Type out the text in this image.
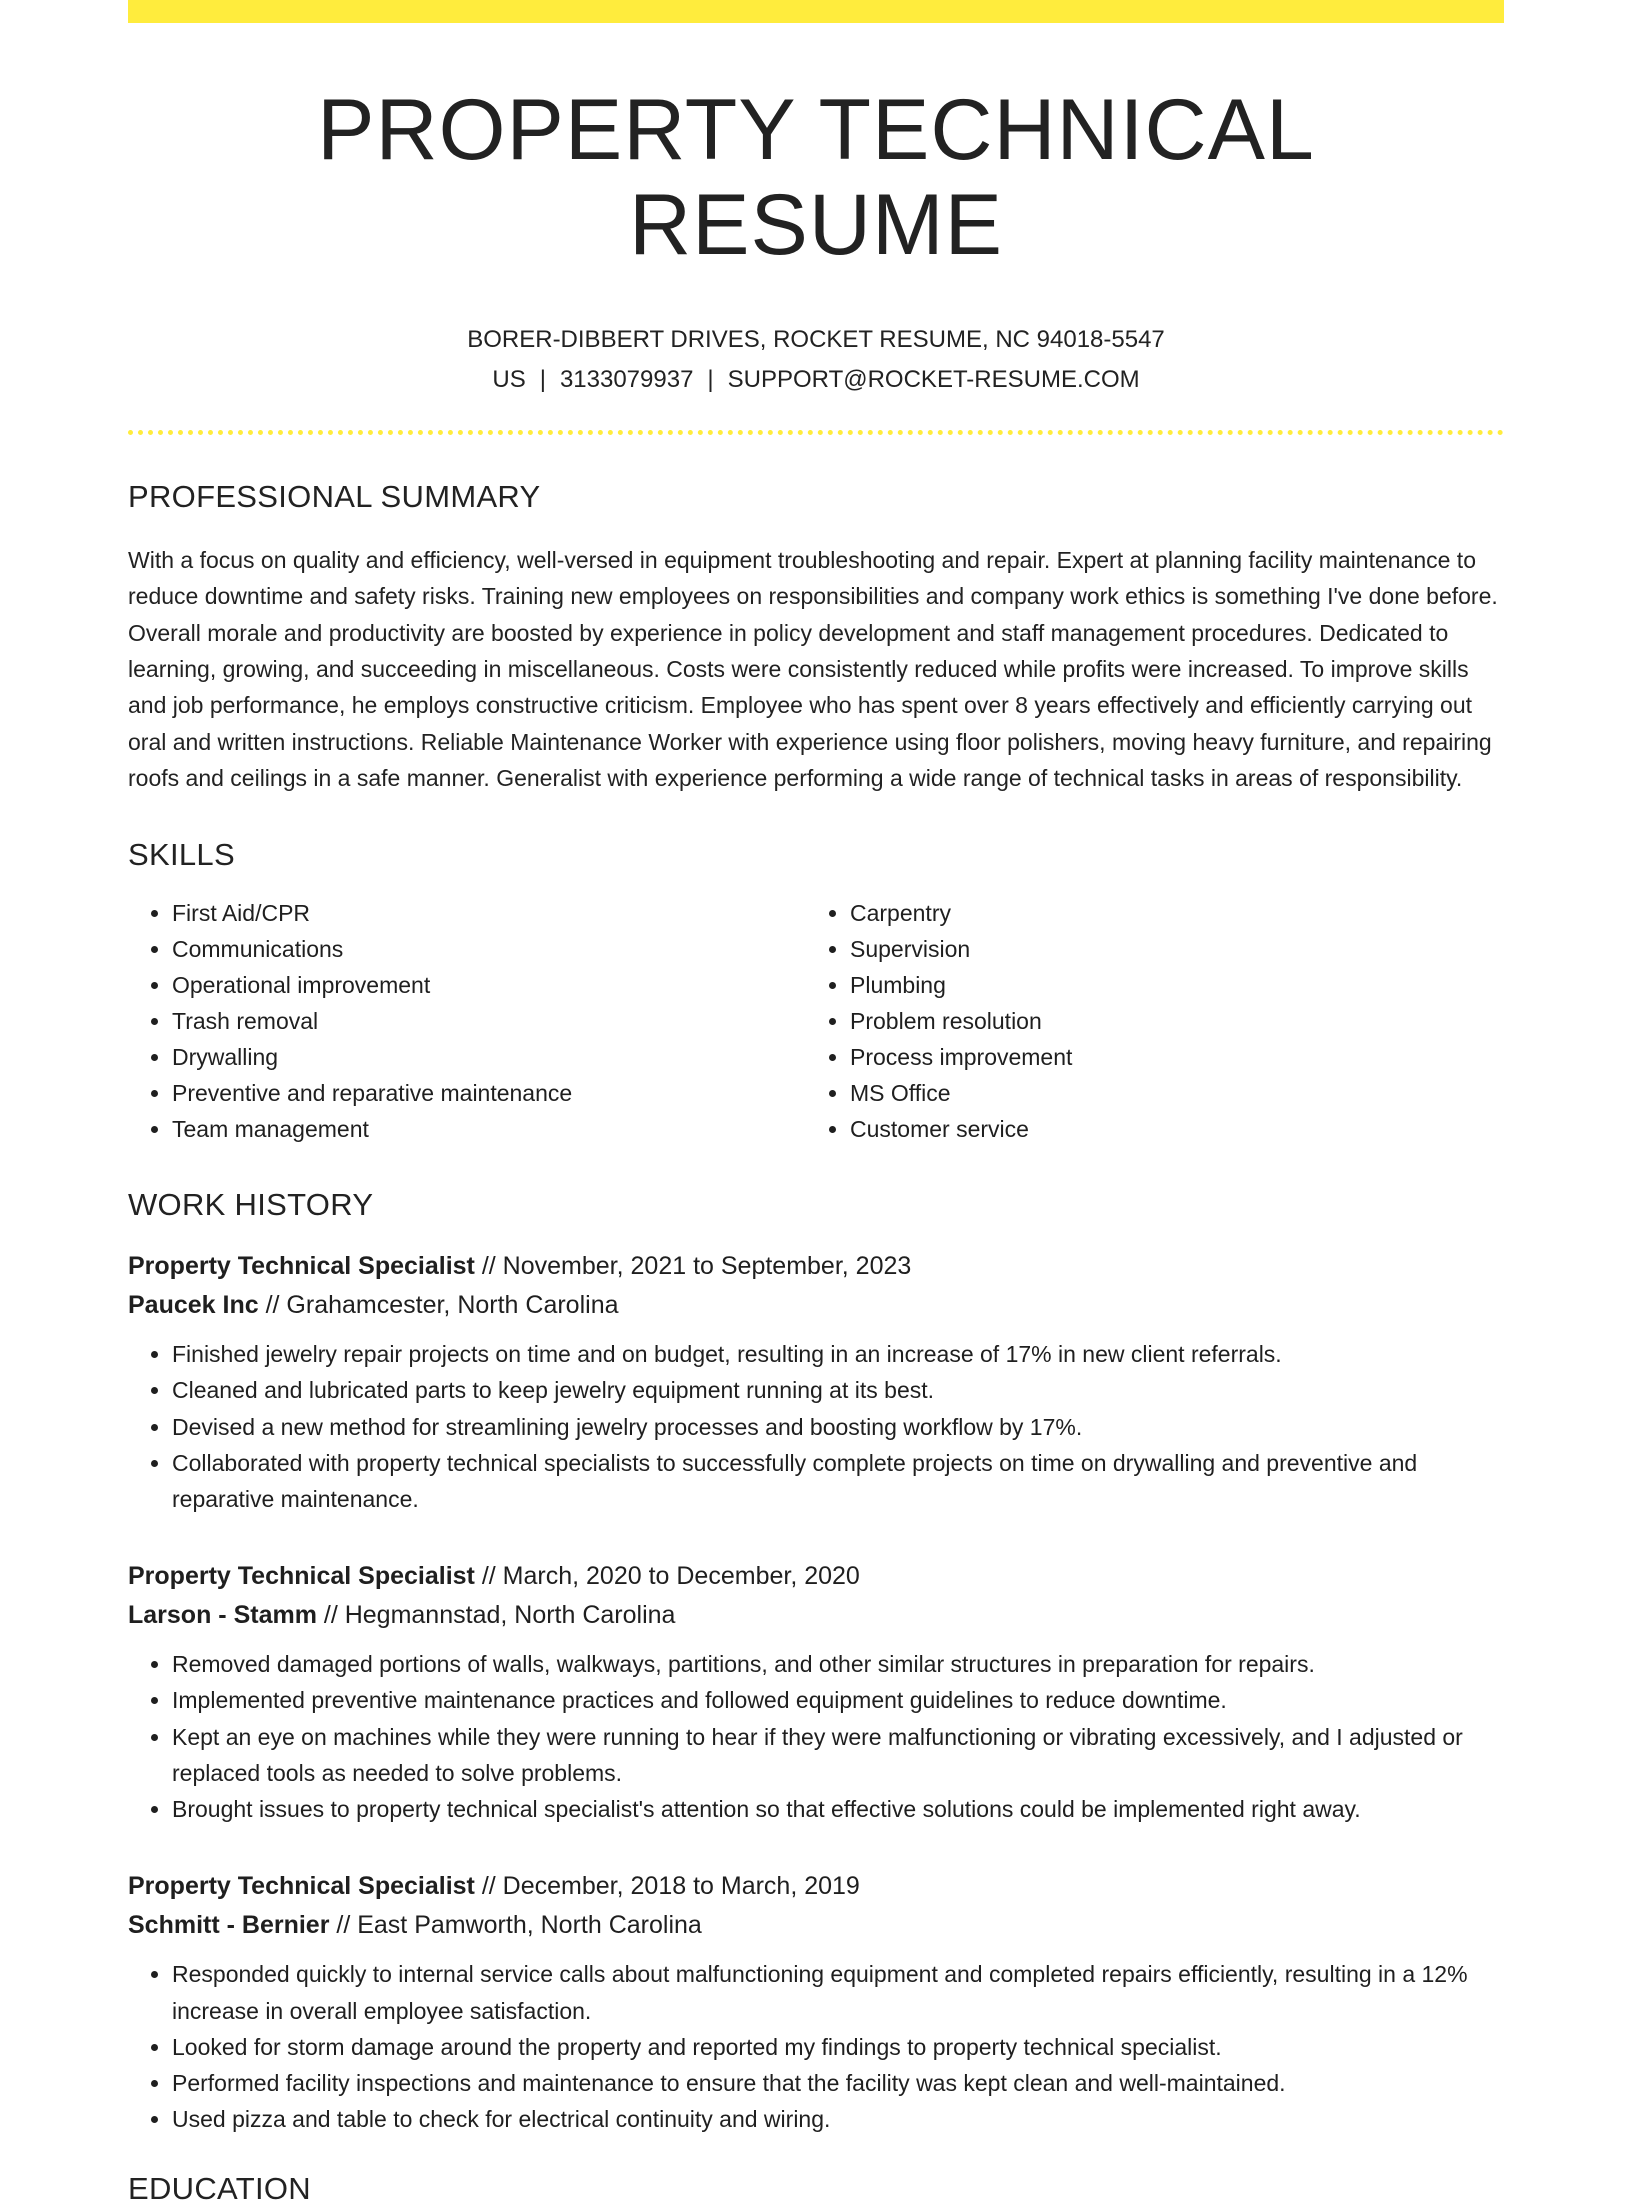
PROPERTY TECHNICAL RESUME
BORER-DIBBERT DRIVES, ROCKET RESUME, NC 94018-5547 US | 3133079937 | SUPPORT@ROCKET-RESUME.COM
PROFESSIONAL SUMMARY

With a focus on quality and efficiency, well-versed in equipment troubleshooting and repair. Expert at planning facility maintenance to reduce downtime and safety risks. Training new employees on responsibilities and company work ethics is something I've done before. Overall morale and productivity are boosted by experience in policy development and staff management procedures. Dedicated to learning, growing, and succeeding in miscellaneous. Costs were consistently reduced while profits were increased. To improve skills and job performance, he employs constructive criticism. Employee who has spent over 8 years effectively and efficiently carrying out oral and written instructions. Reliable Maintenance Worker with experience using floor polishers, moving heavy furniture, and repairing roofs and ceilings in a safe manner. Generalist with experience performing a wide range of technical tasks in areas of responsibility.

SKILLS
• First Aid/CPR
• Communications
• Operational improvement
• Trash removal
• Drywalling
• Preventive and reparative maintenance
• Team management
• Carpentry
• Supervision
• Plumbing
• Problem resolution
• Process improvement
• MS Office
• Customer service
WORK HISTORY
Property Technical Specialist // November, 2021 to September, 2023
Paucek Inc // Grahamcester, North Carolina
• Finished jewelry repair projects on time and on budget, resulting in an increase of 17% in new client referrals.
• Cleaned and lubricated parts to keep jewelry equipment running at its best.
• Devised a new method for streamlining jewelry processes and boosting workflow by 17%.
• Collaborated with property technical specialists to successfully complete projects on time on drywalling and preventive and reparative maintenance.
Property Technical Specialist // March, 2020 to December, 2020
Larson - Stamm // Hegmannstad, North Carolina
• Removed damaged portions of walls, walkways, partitions, and other similar structures in preparation for repairs.
• Implemented preventive maintenance practices and followed equipment guidelines to reduce downtime.
• Kept an eye on machines while they were running to hear if they were malfunctioning or vibrating excessively, and I adjusted or replaced tools as needed to solve problems.
• Brought issues to property technical specialist's attention so that effective solutions could be implemented right away.
Property Technical Specialist // December, 2018 to March, 2019
Schmitt - Bernier // East Pamworth, North Carolina
• Responded quickly to internal service calls about malfunctioning equipment and completed repairs efficiently, resulting in a 12% increase in overall employee satisfaction.
• Looked for storm damage around the property and reported my findings to property technical specialist.
• Performed facility inspections and maintenance to ensure that the facility was kept clean and well-maintained.
• Used pizza and table to check for electrical continuity and wiring.
EDUCATION
